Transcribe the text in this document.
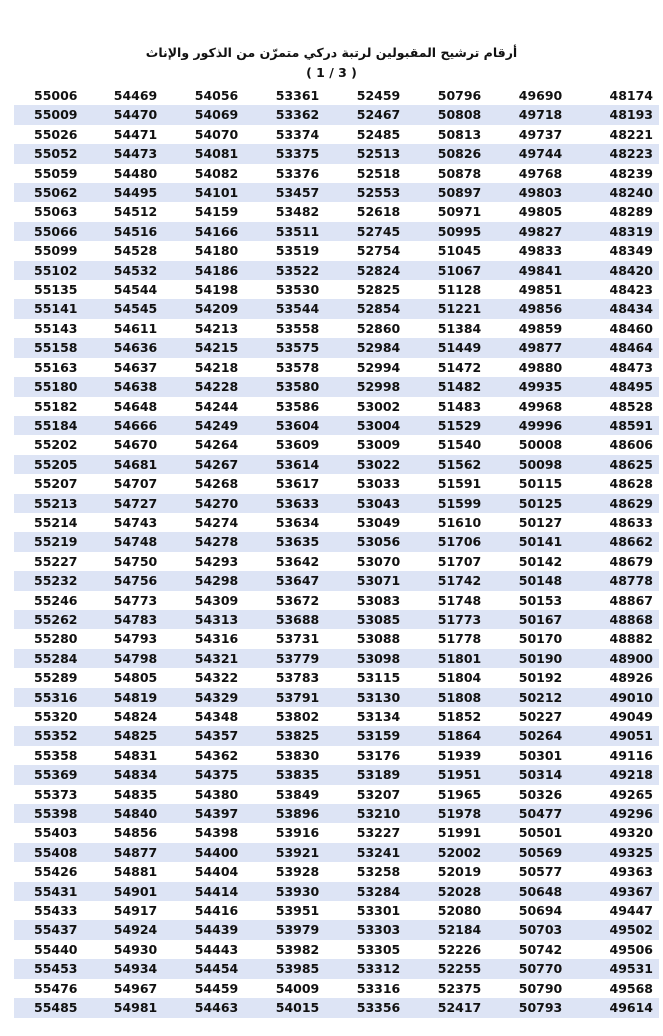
أرقام ترشيح المقبولين لرتبة دركي متمرّن من الذكور والإناث
( 1 / 3 )
55006	54469	54056	53361	52459	50796	49690	48174
55009	54470	54069	53362	52467	50808	49718	48193
55026	54471	54070	53374	52485	50813	49737	48221
55052	54473	54081	53375	52513	50826	49744	48223
55059	54480	54082	53376	52518	50878	49768	48239
55062	54495	54101	53457	52553	50897	49803	48240
55063	54512	54159	53482	52618	50971	49805	48289
55066	54516	54166	53511	52745	50995	49827	48319
55099	54528	54180	53519	52754	51045	49833	48349
55102	54532	54186	53522	52824	51067	49841	48420
55135	54544	54198	53530	52825	51128	49851	48423
55141	54545	54209	53544	52854	51221	49856	48434
55143	54611	54213	53558	52860	51384	49859	48460
55158	54636	54215	53575	52984	51449	49877	48464
55163	54637	54218	53578	52994	51472	49880	48473
55180	54638	54228	53580	52998	51482	49935	48495
55182	54648	54244	53586	53002	51483	49968	48528
55184	54666	54249	53604	53004	51529	49996	48591
55202	54670	54264	53609	53009	51540	50008	48606
55205	54681	54267	53614	53022	51562	50098	48625
55207	54707	54268	53617	53033	51591	50115	48628
55213	54727	54270	53633	53043	51599	50125	48629
55214	54743	54274	53634	53049	51610	50127	48633
55219	54748	54278	53635	53056	51706	50141	48662
55227	54750	54293	53642	53070	51707	50142	48679
55232	54756	54298	53647	53071	51742	50148	48778
55246	54773	54309	53672	53083	51748	50153	48867
55262	54783	54313	53688	53085	51773	50167	48868
55280	54793	54316	53731	53088	51778	50170	48882
55284	54798	54321	53779	53098	51801	50190	48900
55289	54805	54322	53783	53115	51804	50192	48926
55316	54819	54329	53791	53130	51808	50212	49010
55320	54824	54348	53802	53134	51852	50227	49049
55352	54825	54357	53825	53159	51864	50264	49051
55358	54831	54362	53830	53176	51939	50301	49116
55369	54834	54375	53835	53189	51951	50314	49218
55373	54835	54380	53849	53207	51965	50326	49265
55398	54840	54397	53896	53210	51978	50477	49296
55403	54856	54398	53916	53227	51991	50501	49320
55408	54877	54400	53921	53241	52002	50569	49325
55426	54881	54404	53928	53258	52019	50577	49363
55431	54901	54414	53930	53284	52028	50648	49367
55433	54917	54416	53951	53301	52080	50694	49447
55437	54924	54439	53979	53303	52184	50703	49502
55440	54930	54443	53982	53305	52226	50742	49506
55453	54934	54454	53985	53312	52255	50770	49531
55476	54967	54459	54009	53316	52375	50790	49568
55485	54981	54463	54015	53356	52417	50793	49614
